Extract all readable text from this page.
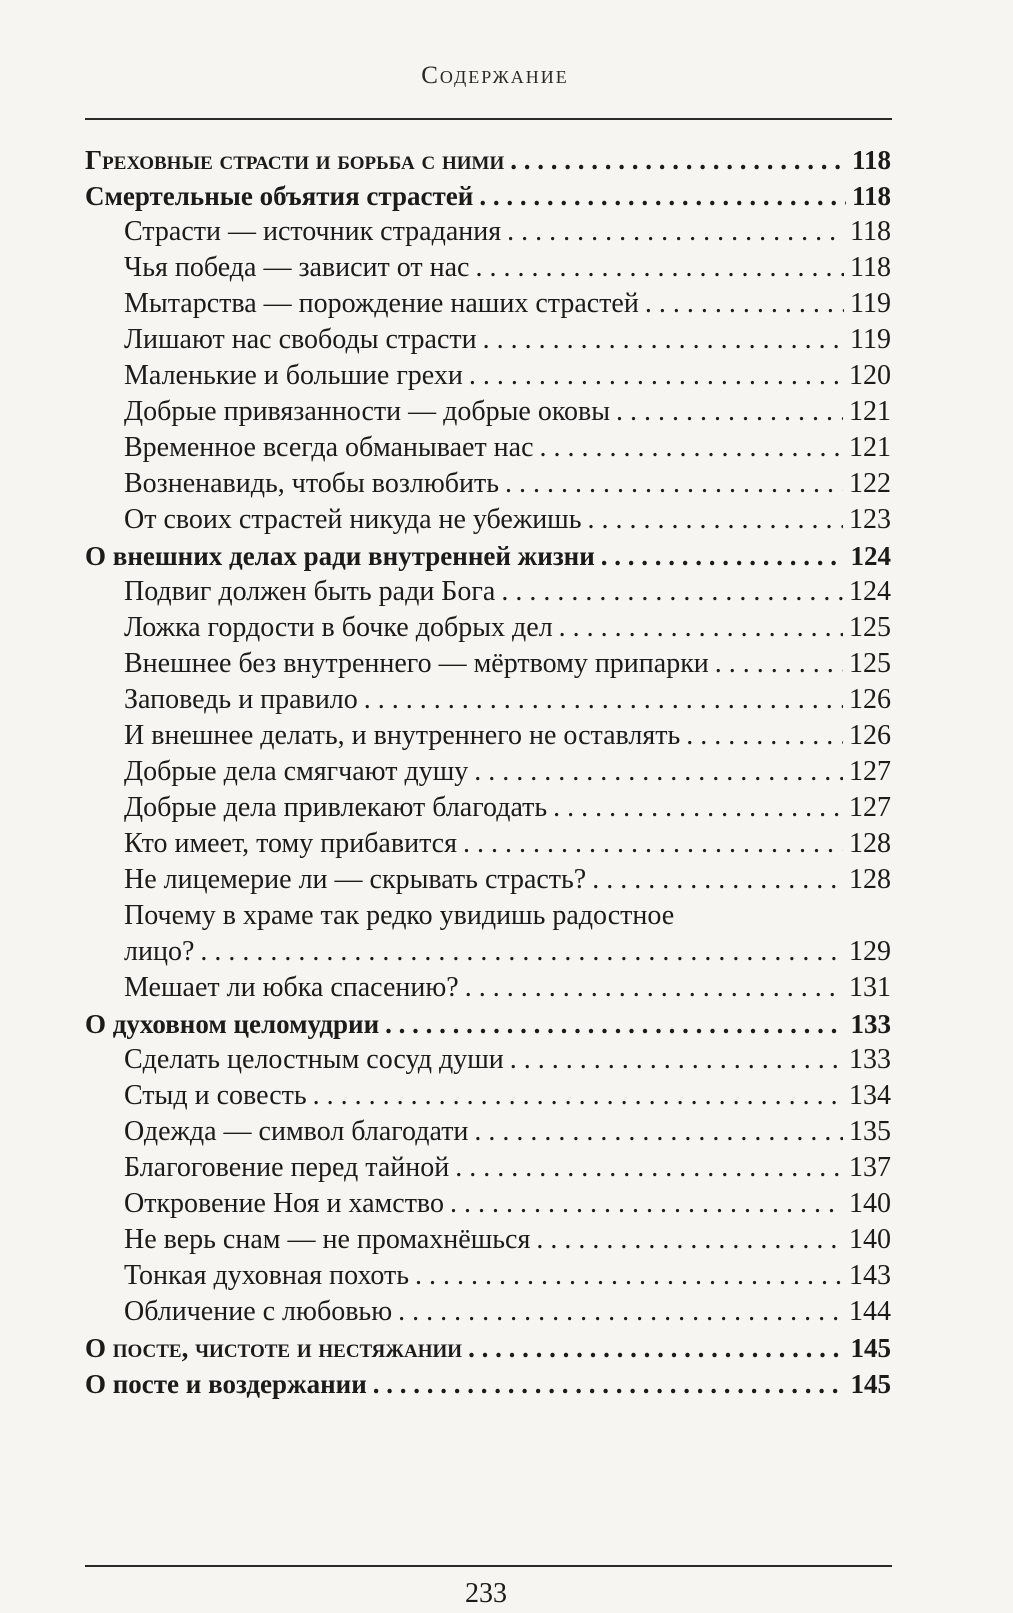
Содержание
Греховные страсти и борьба с ними . . .	118
Смертельные объятия страстей . . .	118
Страсти — источник страдания . . .	118
Чья победа — зависит от нас . . .	118
Мытарства — порождение наших страстей . . .	119
Лишают нас свободы страсти . . .	119
Маленькие и большие грехи . . .	120
Добрые привязанности — добрые оковы . . .	121
Временное всегда обманывает нас . . .	121
Возненавидь, чтобы возлюбить . . .	122
От своих страстей никуда не убежишь . . .	123
О внешних делах ради внутренней жизни . . .	124
Подвиг должен быть ради Бога . . .	124
Ложка гордости в бочке добрых дел . . .	125
Внешнее без внутреннего — мёртвому припарки . . .	125
Заповедь и правило . . .	126
И внешнее делать, и внутреннего не оставлять . . .	126
Добрые дела смягчают душу . . .	127
Добрые дела привлекают благодать . . .	127
Кто имеет, тому прибавится . . .	128
Не лицемерие ли — скрывать страсть? . . .	128
Почему в храме так редко увидишь радостное
лицо? . . .	129
Мешает ли юбка спасению? . . .	131
О духовном целомудрии . . .	133
Сделать целостным сосуд души . . .	133
Стыд и совесть . . .	134
Одежда — символ благодати . . .	135
Благоговение перед тайной . . .	137
Откровение Ноя и хамство . . .	140
Не верь снам — не промахнёшься . . .	140
Тонкая духовная похоть . . .	143
Обличение с любовью . . .	144
О посте, чистоте и нестяжании . . .	145
О посте и воздержании . . .	145
233
